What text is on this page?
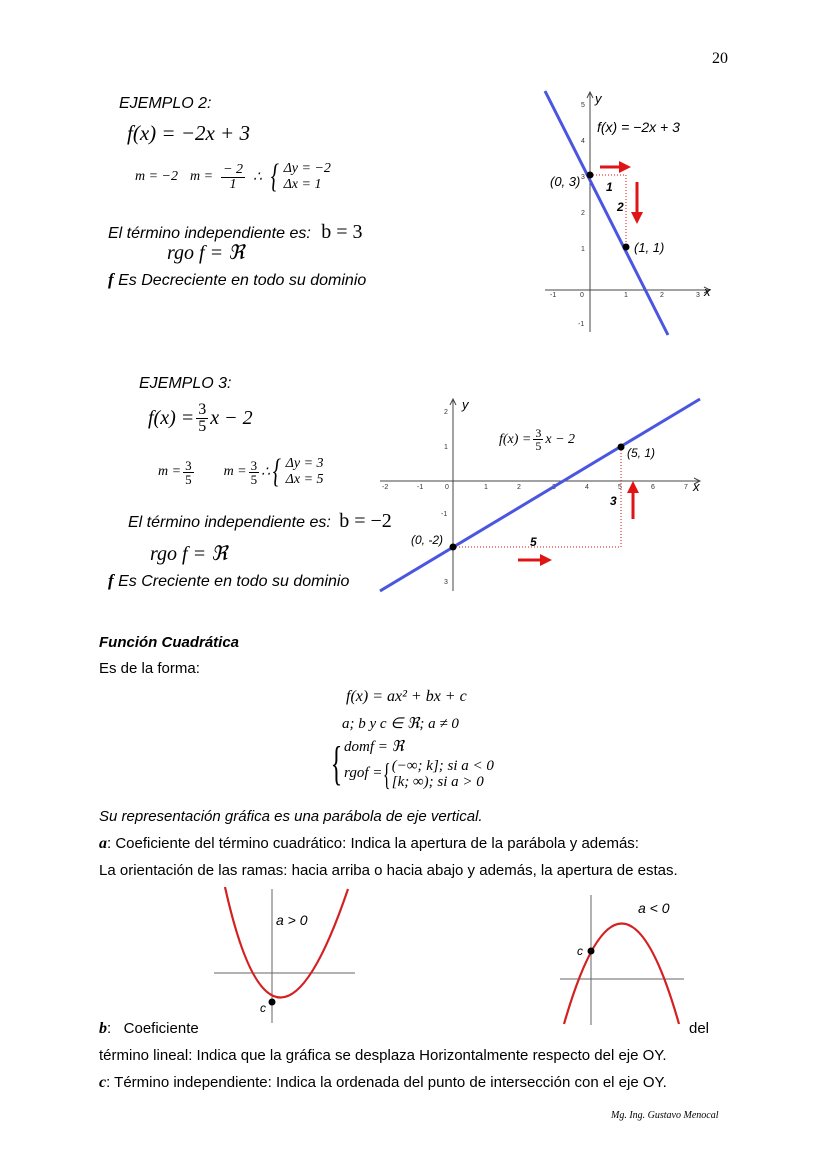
20
EJEMPLO 2:
f(x) = −2x + 3
m = −2 $m = \frac{- 2}{1}$ ∴ { Δy = −2
Δx = 1
El término independiente es: b = 3
rgo f = ℜ
f Es Decreciente en todo su dominio
y
x
-1	0	1	2	3
5
4
3
2
1
-1
(0, 3)
(1, 1)
1
2
f(x) = −2x + 3
EJEMPLO 3:
$f(x) = \frac{3}{5}$ x − 2
$m = \frac{3}{5}$ $m = \frac{3}{5}$ ∴ { Δy = 3
Δx = 5
El término independiente es: b = −2
rgo f = ℜ
f Es Creciente en todo su dominio
y
x
-2	-1	0	1	2	4	5	6	7
2
1
-1
3
(0, -2)
(5, 1)
5
3
$f(x) = \frac{3}{5}$ x − 2
Función Cuadrática
Es de la forma:
f(x) = ax² + bx + c
a; b y c ∈ ℜ; a ≠ 0
{ domf = ℜ
rgof = { (−∞; k]; si a < 0
[k; ∞); si a > 0
Su representación gráfica es una parábola de eje vertical.
a: Coeficiente del término cuadrático: Indica la apertura de la parábola y además:
La orientación de las ramas: hacia arriba o hacia abajo y además, la apertura de estas.
c
a > 0
c
a < 0
b:   Coeficiente	del
término lineal: Indica que la gráfica se desplaza Horizontalmente respecto del eje OY.
c: Término independiente: Indica la ordenada del punto de intersección con el eje OY.
Mg. Ing. Gustavo Menocal
